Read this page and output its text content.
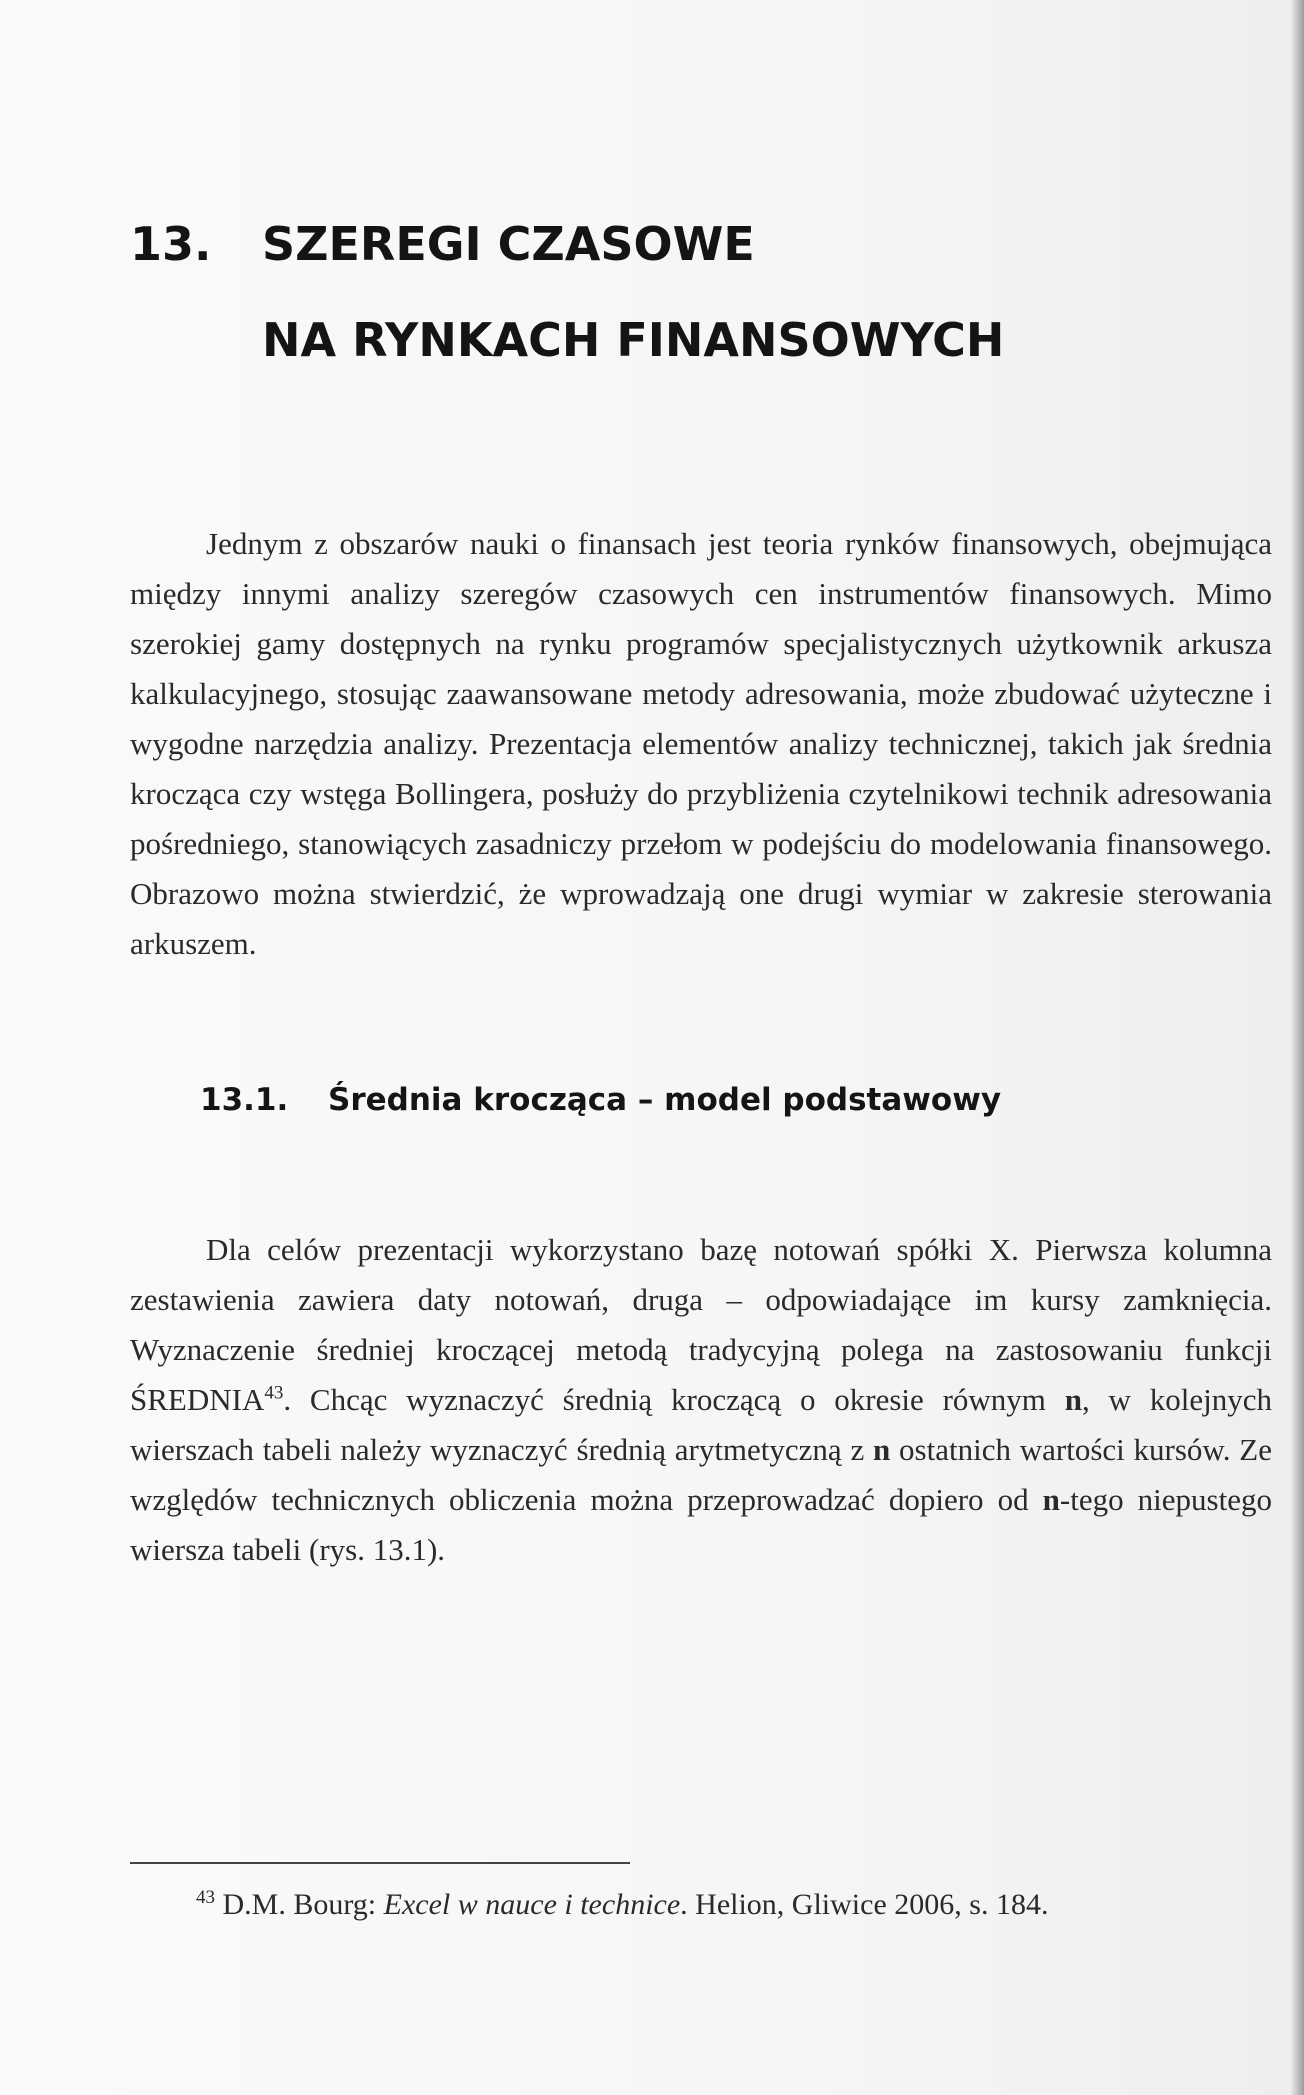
13. SZEREGI CZASOWE
NA RYNKACH FINANSOWYCH

Jednym z obszarów nauki o finansach jest teoria rynków finansowych, obejmująca między innymi analizy szeregów czasowych cen instrumentów finansowych. Mimo szerokiej gamy dostępnych na rynku programów specjalistycznych użytkownik arkusza kalkulacyjnego, stosując zaawansowane metody adresowania, może zbudować użyteczne i wygodne narzędzia analizy. Prezentacja elementów analizy technicznej, takich jak średnia krocząca czy wstęga Bollingera, posłuży do przybliżenia czytelnikowi technik adresowania pośredniego, stanowiących zasadniczy przełom w podejściu do modelowania finansowego. Obrazowo można stwierdzić, że wprowadzają one drugi wymiar w zakresie sterowania arkuszem.

13.1. Średnia krocząca – model podstawowy

Dla celów prezentacji wykorzystano bazę notowań spółki X. Pierwsza kolumna zestawienia zawiera daty notowań, druga – odpowiadające im kursy zamknięcia. Wyznaczenie średniej kroczącej metodą tradycyjną polega na zastosowaniu funkcji ŚREDNIA$^{43}$. Chcąc wyznaczyć średnią kroczącą o okresie równym n, w kolejnych wierszach tabeli należy wyznaczyć średnią arytmetyczną z n ostatnich wartości kursów. Ze względów technicznych obliczenia można przeprowadzać dopiero od n-tego niepustego wiersza tabeli (rys. 13.1).

$^{43}$ D.M. Bourg: Excel w nauce i technice. Helion, Gliwice 2006, s. 184.
